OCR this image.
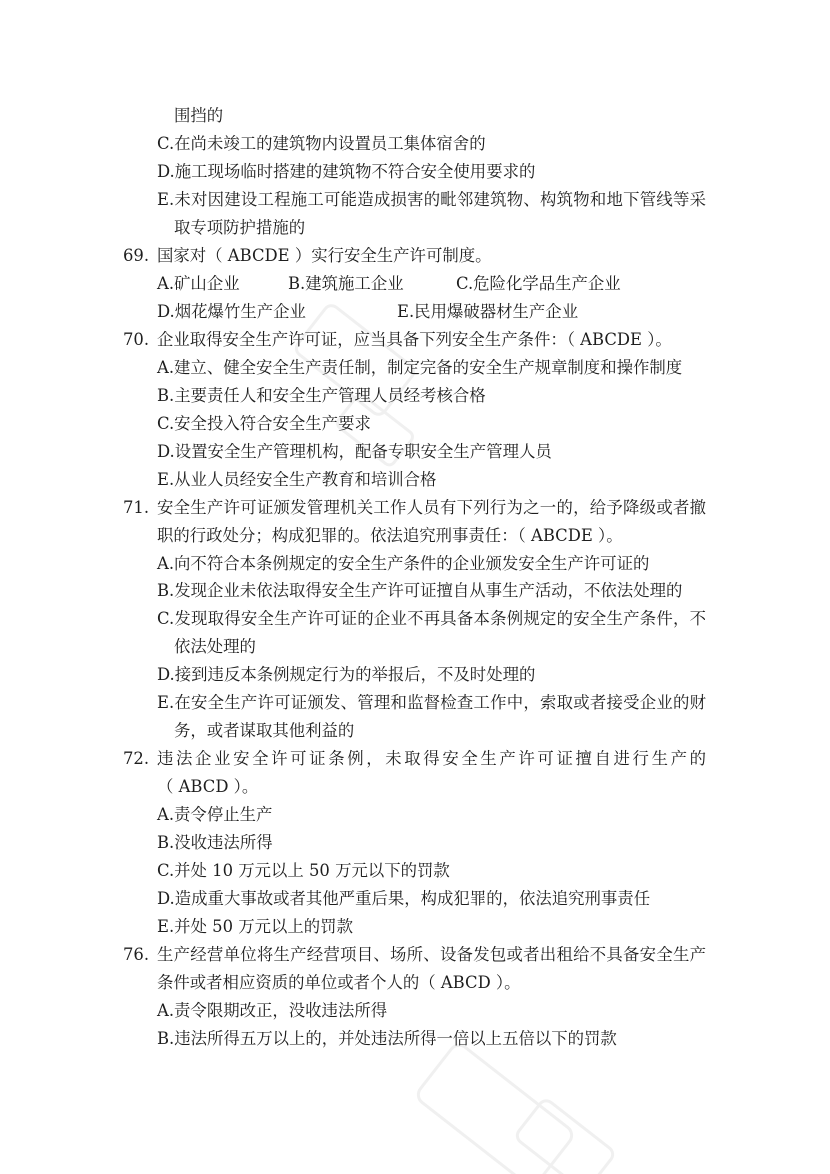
围挡的
C.在尚未竣工的建筑物内设置员工集体宿舍的
D.施工现场临时搭建的建筑物不符合安全使用要求的
E.未对因建设工程施工可能造成损害的毗邻建筑物、构筑物和地下管线等采
取专项防护措施的
69. 国家对（ ABCDE ）实行安全生产许可制度。
A.矿山企业	B.建筑施工企业	C.危险化学品生产企业
D.烟花爆竹生产企业	E.民用爆破器材生产企业
70. 企业取得安全生产许可证，应当具备下列安全生产条件：（ ABCDE ）。
A.建立、健全安全生产责任制，制定完备的安全生产规章制度和操作制度
B.主要责任人和安全生产管理人员经考核合格
C.安全投入符合安全生产要求
D.设置安全生产管理机构，配备专职安全生产管理人员
E.从业人员经安全生产教育和培训合格
71. 安全生产许可证颁发管理机关工作人员有下列行为之一的，给予降级或者撤
职的行政处分；构成犯罪的。依法追究刑事责任：（ ABCDE ）。
A.向不符合本条例规定的安全生产条件的企业颁发安全生产许可证的
B.发现企业未依法取得安全生产许可证擅自从事生产活动，不依法处理的
C.发现取得安全生产许可证的企业不再具备本条例规定的安全生产条件，不
依法处理的
D.接到违反本条例规定行为的举报后，不及时处理的
E.在安全生产许可证颁发、管理和监督检查工作中，索取或者接受企业的财
务，或者谋取其他利益的
72. 违法企业安全许可证条例，未取得安全生产许可证擅自进行生产的
（ ABCD ）。
A.责令停止生产
B.没收违法所得
C.并处 10 万元以上 50 万元以下的罚款
D.造成重大事故或者其他严重后果，构成犯罪的，依法追究刑事责任
E.并处 50 万元以上的罚款
76. 生产经营单位将生产经营项目、场所、设备发包或者出租给不具备安全生产
条件或者相应资质的单位或者个人的（ ABCD ）。
A.责令限期改正，没收违法所得
B.违法所得五万以上的，并处违法所得一倍以上五倍以下的罚款
